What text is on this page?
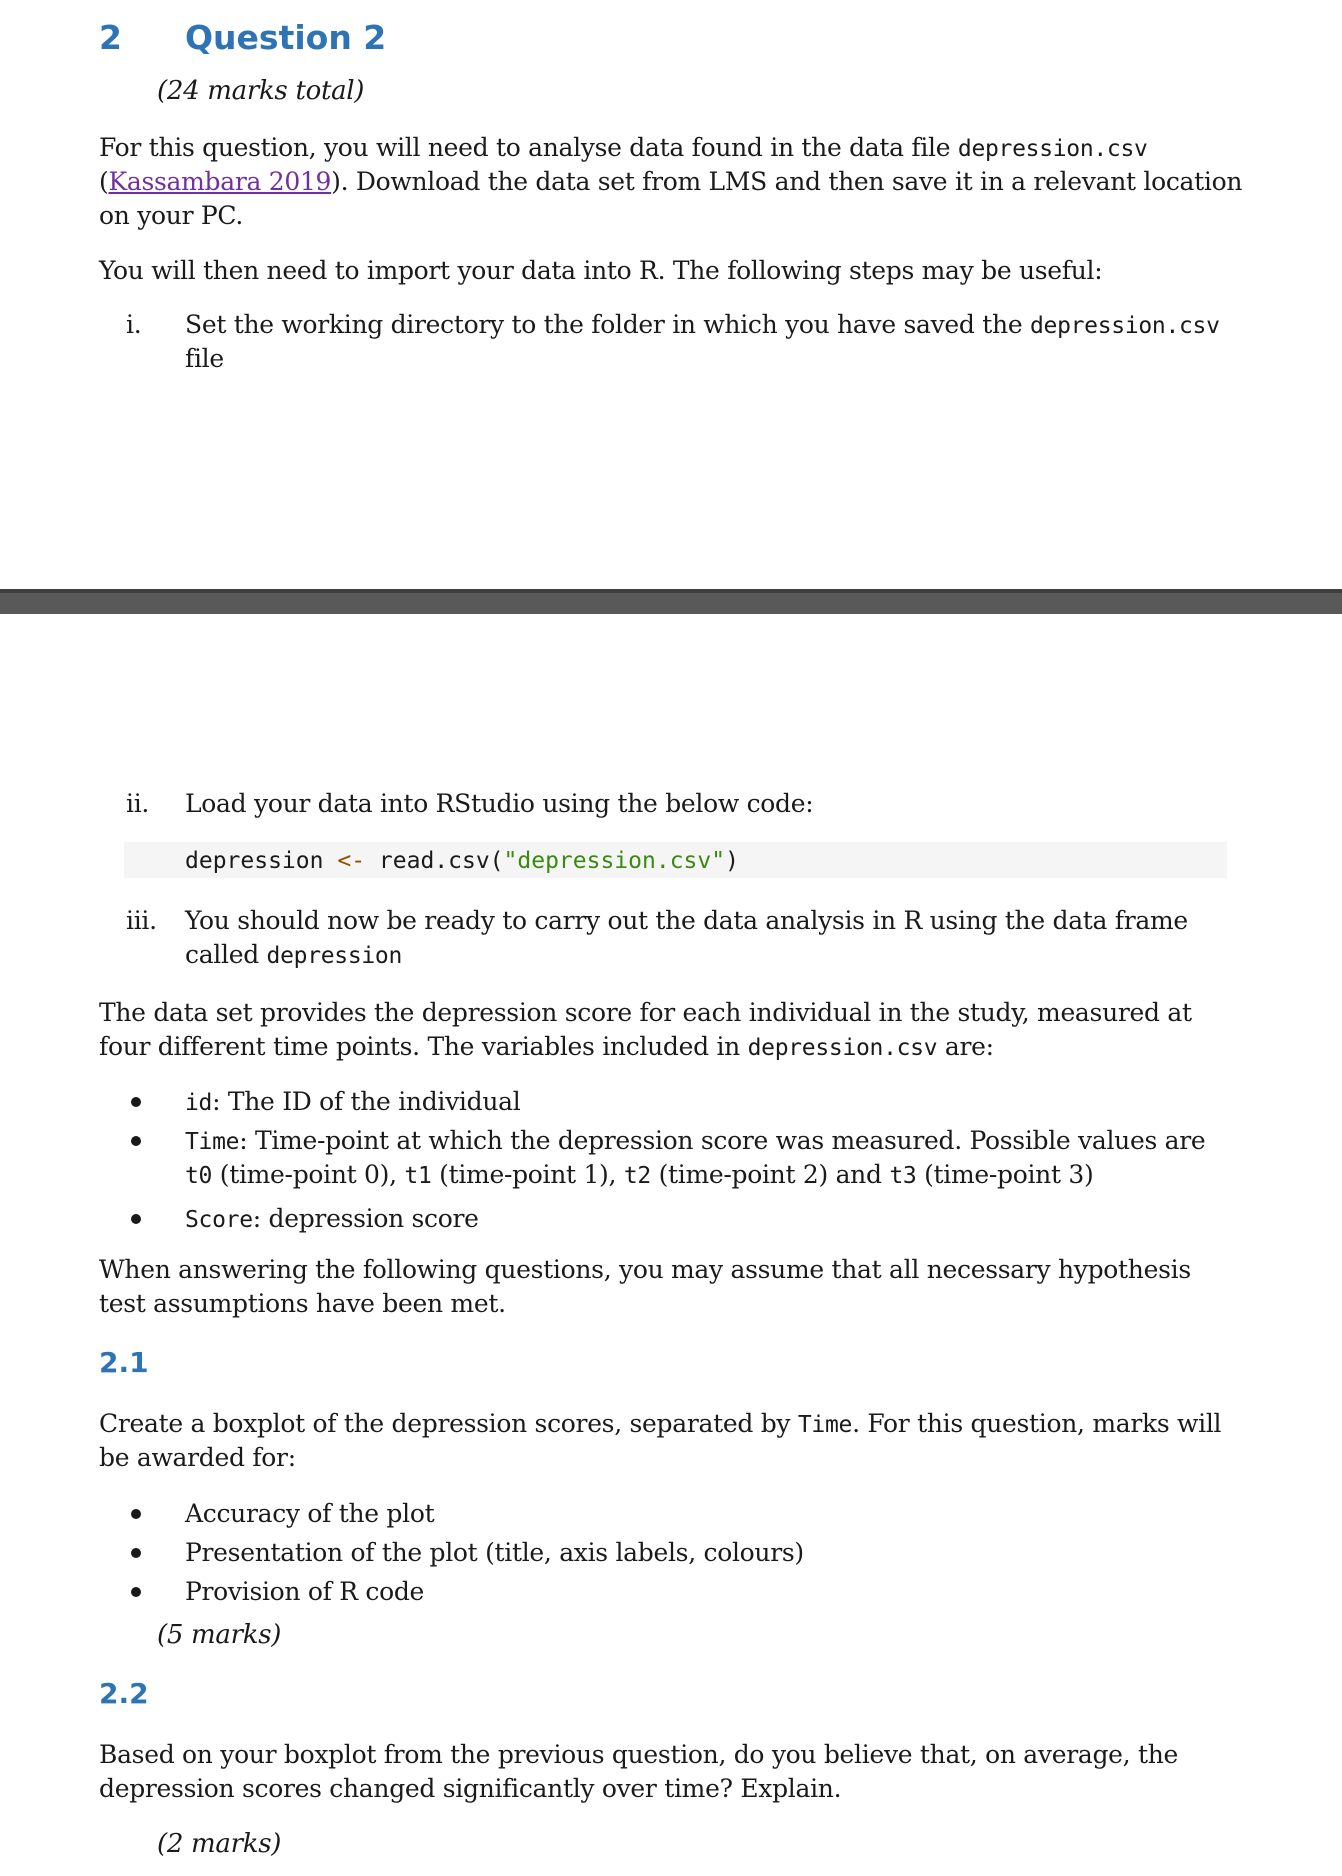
2 Question 2
(24 marks total)
For this question, you will need to analyse data found in the data file depression.csv
(Kassambara 2019). Download the data set from LMS and then save it in a relevant location
on your PC.
You will then need to import your data into R. The following steps may be useful:
i. Set the working directory to the folder in which you have saved the depression.csv
file
ii. Load your data into RStudio using the below code:
depression <- read.csv("depression.csv")
iii. You should now be ready to carry out the data analysis in R using the data frame
called depression
The data set provides the depression score for each individual in the study, measured at
four different time points. The variables included in depression.csv are:
id: The ID of the individual
Time: Time-point at which the depression score was measured. Possible values are
t0 (time-point 0), t1 (time-point 1), t2 (time-point 2) and t3 (time-point 3)
Score: depression score
When answering the following questions, you may assume that all necessary hypothesis
test assumptions have been met.
2.1
Create a boxplot of the depression scores, separated by Time. For this question, marks will
be awarded for:
Accuracy of the plot
Presentation of the plot (title, axis labels, colours)
Provision of R code
(5 marks)
2.2
Based on your boxplot from the previous question, do you believe that, on average, the
depression scores changed significantly over time? Explain.
(2 marks)
